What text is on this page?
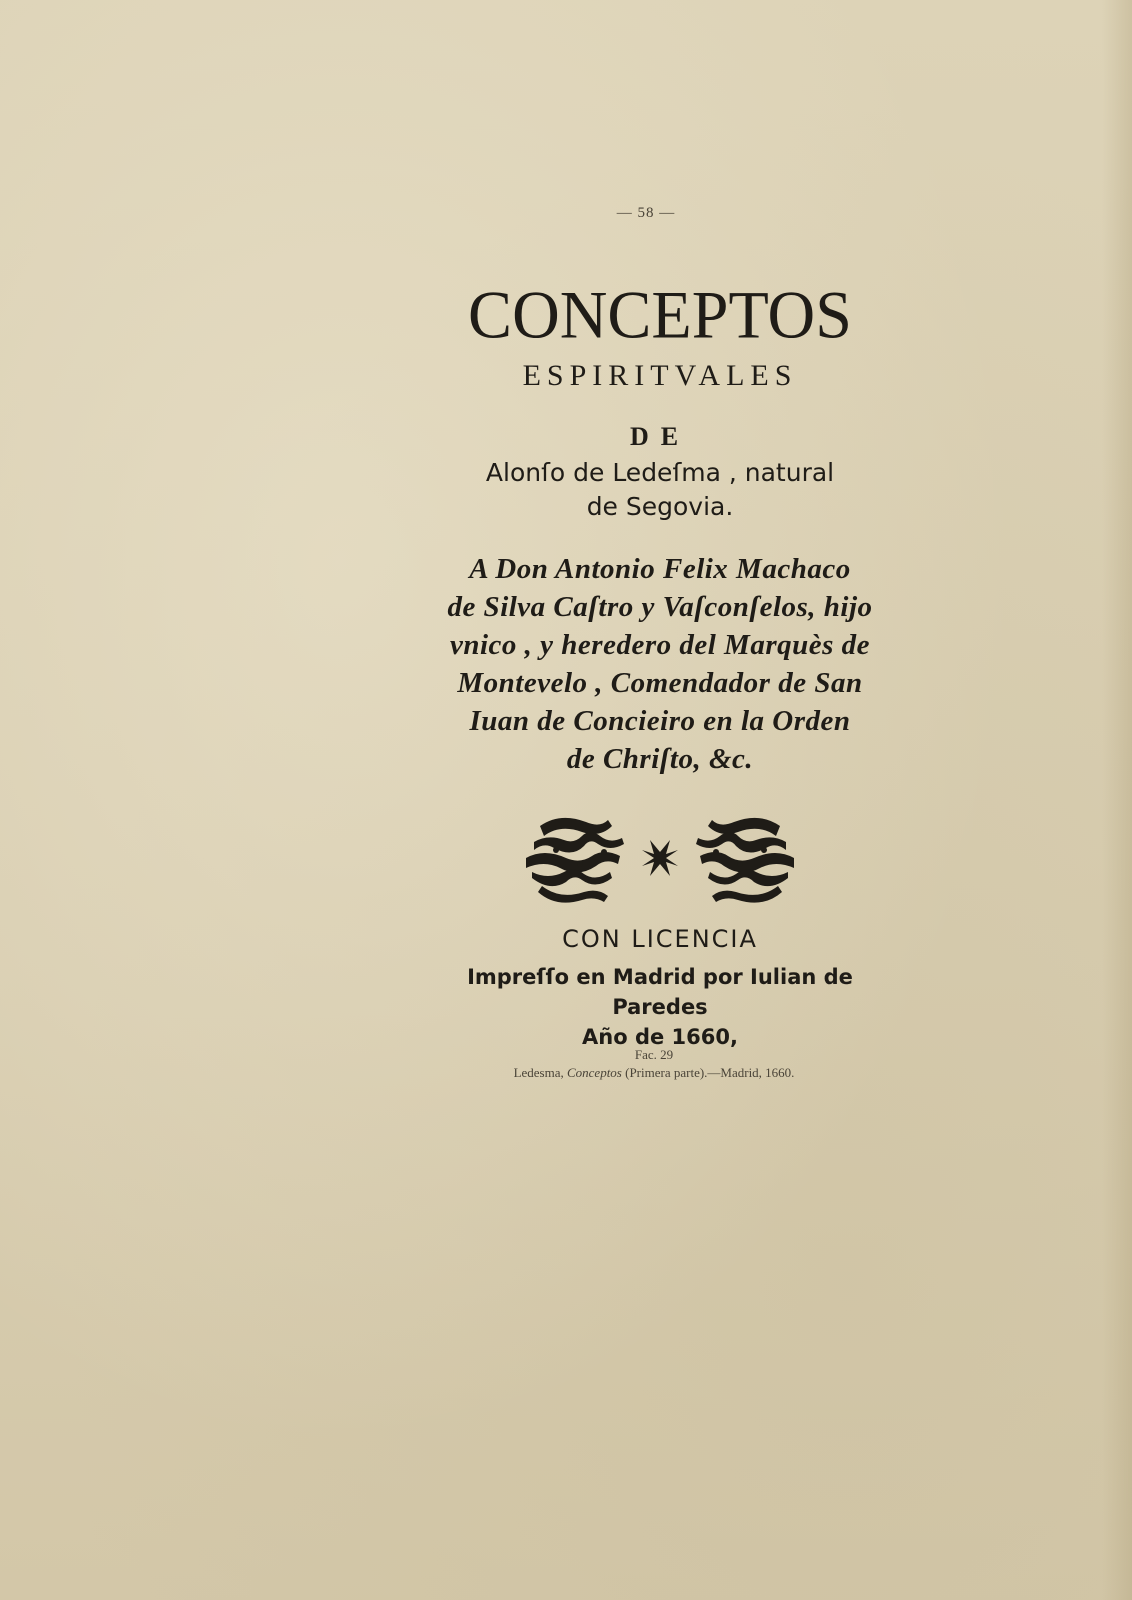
— 58 —
CONCEPTOS
ESPIRITVALES
DE
Alonſo de Ledeſma , natural
de Segovia.
A Don Antonio Felix Machaco
de Silva Caſtro y Vaſconſelos, hijo
vnico , y heredero del Marquès de
Montevelo , Comendador de San
Iuan de Concieiro en la Orden
de Chriſto, &c.
CON LICENCIA
Impreſſo en Madrid por Iulian de Paredes
Año de 1660,
Fac. 29
Ledesma, Conceptos (Primera parte).—Madrid, 1660.
